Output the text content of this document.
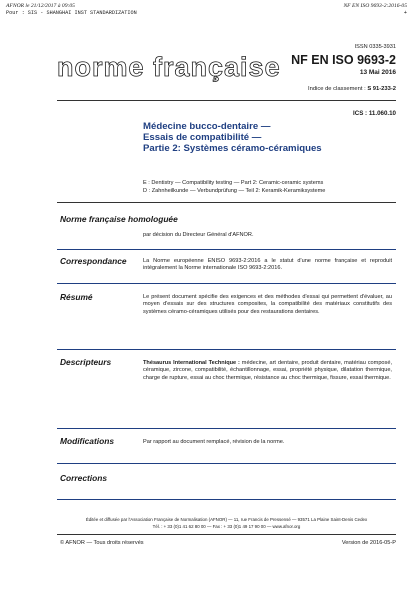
AFNOR le 21/12/2017 à 09:05
Pour : SIS - SHANGHAI INST STANDARDIZATION
NF EN ISO 9693-2:2016-05
+
ISSN 0335-3931
norme française NF EN ISO 9693-2
13 Mai 2016
Indice de classement : S 91-233-2
ICS : 11.060.10
Médecine bucco-dentaire —
Essais de compatibilité —
Partie 2: Systèmes céramo-céramiques
E : Dentistry — Compatibility testing — Part 2: Ceramic-ceramic systems
D : Zahnheilkunde — Verbundprüfung — Teil 2: Keramik-Keramiksysteme
Norme française homologuée
par décision du Directeur Général d'AFNOR.
Correspondance	La Norme européenne ENISO 9693-2:2016 a le statut d'une norme française et reproduit intégralement la Norme internationale ISO 9693-2:2016.
Résumé	Le présent document spécifie des exigences et des méthodes d'essai qui permettent d'évaluer, au moyen d'essais sur des structures composites, la compatibilité des matériaux constitutifs des systèmes céramo-céramiques utilisés pour des restaurations dentaires.
Descripteurs	Thésaurus International Technique : médecine, art dentaire, produit dentaire, matériau composé, céramique, zircone, compatibilité, échantillonnage, essai, propriété physique, dilatation thermique, charge de rupture, essai au choc thermique, résistance au choc thermique, fissure, essai thermique.
Modifications	Par rapport au document remplacé, révision de la norme.
Corrections
Éditée et diffusée par l'Association Française de Normalisation (AFNOR) — 11, rue Francis de Pressensé — 93571 La Plaine Saint-Denis Cedex
Tél. : + 33 (0)1 41 62 80 00 — Fax : + 33 (0)1 49 17 90 00 — www.afnor.org
© AFNOR — Tous droits réservés	Version de 2016-05-P
